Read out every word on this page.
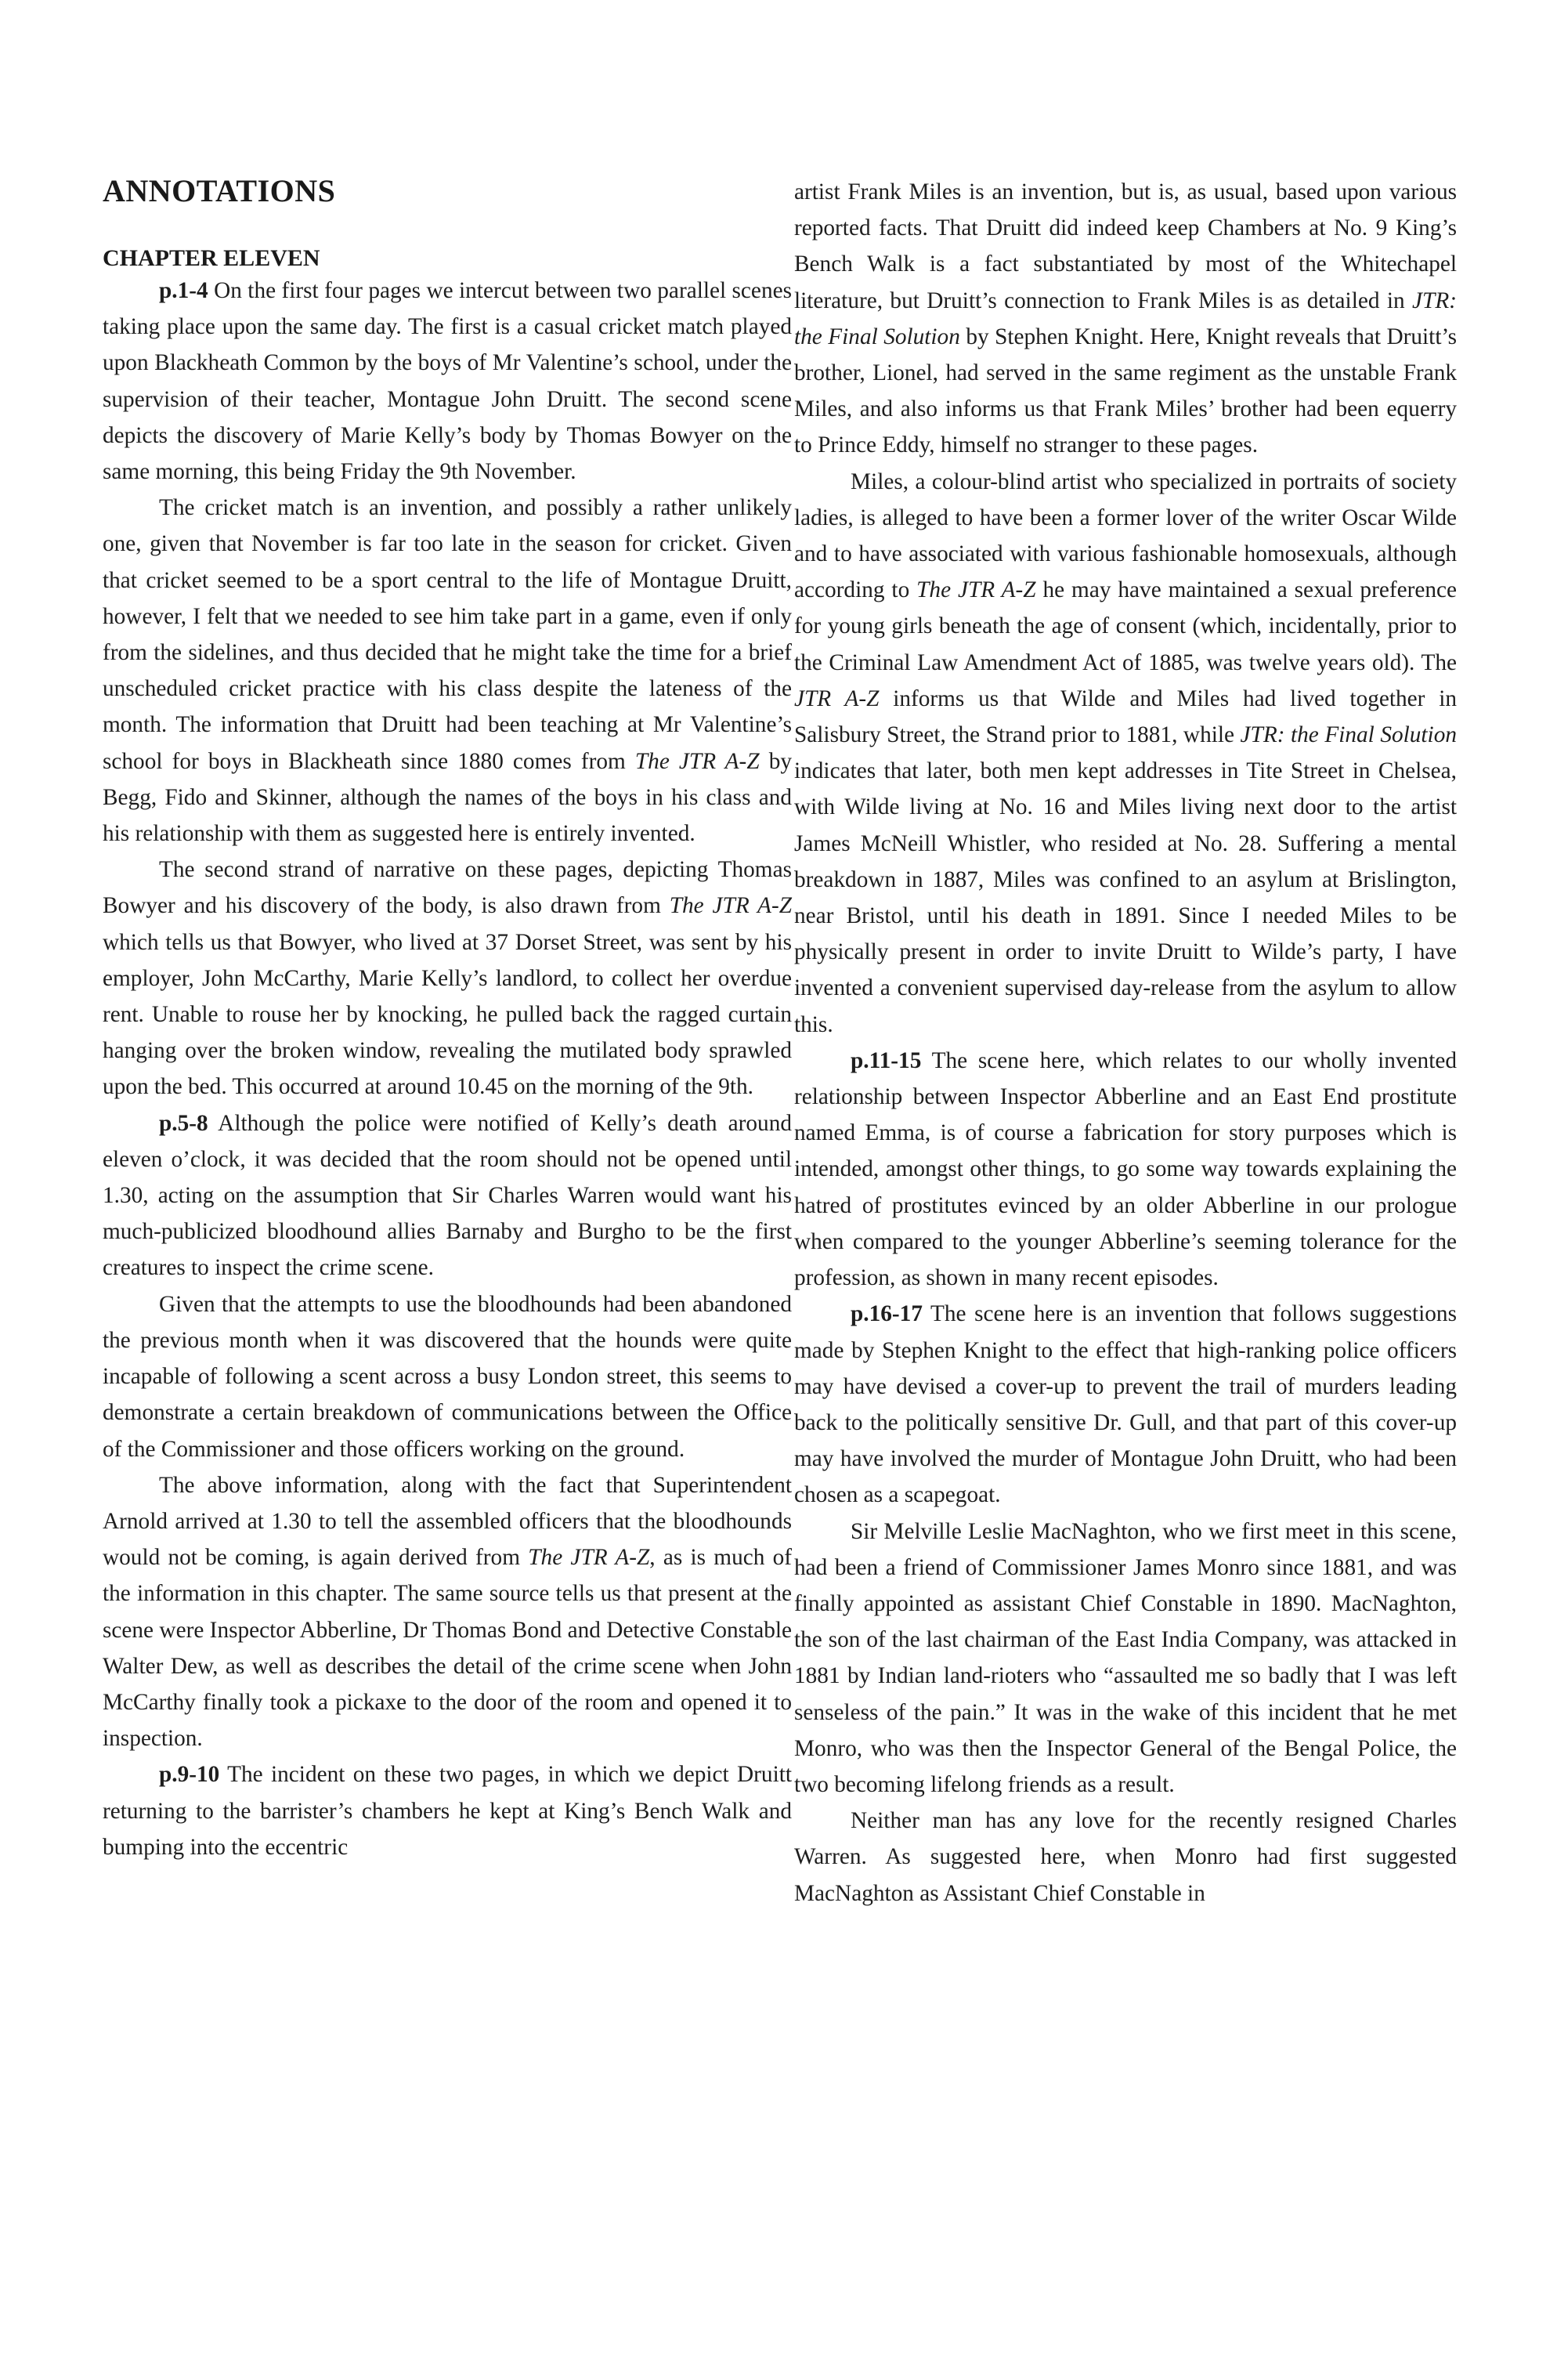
ANNOTATIONS
CHAPTER ELEVEN

p.1-4 On the first four pages we intercut between two parallel scenes taking place upon the same day. The first is a casual cricket match played upon Blackheath Common by the boys of Mr Valentine’s school, under the supervision of their teacher, Montague John Druitt. The second scene depicts the discovery of Marie Kelly’s body by Thomas Bowyer on the same morning, this being Friday the 9th November.

The cricket match is an invention, and possibly a rather unlikely one, given that November is far too late in the season for cricket. Given that cricket seemed to be a sport central to the life of Montague Druitt, however, I felt that we needed to see him take part in a game, even if only from the sidelines, and thus decided that he might take the time for a brief unscheduled cricket practice with his class despite the lateness of the month. The information that Druitt had been teaching at Mr Valentine’s school for boys in Blackheath since 1880 comes from The JTR A-Z by Begg, Fido and Skinner, although the names of the boys in his class and his relationship with them as suggested here is entirely invented.

The second strand of narrative on these pages, depicting Thomas Bowyer and his discovery of the body, is also drawn from The JTR A-Z which tells us that Bowyer, who lived at 37 Dorset Street, was sent by his employer, John McCarthy, Marie Kelly’s landlord, to collect her overdue rent. Unable to rouse her by knocking, he pulled back the ragged curtain hanging over the broken window, revealing the mutilated body sprawled upon the bed. This occurred at around 10.45 on the morning of the 9th.

p.5-8 Although the police were notified of Kelly’s death around eleven o’clock, it was decided that the room should not be opened until 1.30, acting on the assumption that Sir Charles Warren would want his much-publicized bloodhound allies Barnaby and Burgho to be the first creatures to inspect the crime scene.

Given that the attempts to use the bloodhounds had been abandoned the previous month when it was discovered that the hounds were quite incapable of following a scent across a busy London street, this seems to demonstrate a certain breakdown of communications between the Office of the Commissioner and those officers working on the ground.

The above information, along with the fact that Superintendent Arnold arrived at 1.30 to tell the assembled officers that the bloodhounds would not be coming, is again derived from The JTR A-Z, as is much of the information in this chapter. The same source tells us that present at the scene were Inspector Abberline, Dr Thomas Bond and Detective Constable Walter Dew, as well as describes the detail of the crime scene when John McCarthy finally took a pickaxe to the door of the room and opened it to inspection.

p.9-10 The incident on these two pages, in which we depict Druitt returning to the barrister’s chambers he kept at King’s Bench Walk and bumping into the eccentric

artist Frank Miles is an invention, but is, as usual, based upon various reported facts. That Druitt did indeed keep Chambers at No. 9 King’s Bench Walk is a fact substantiated by most of the Whitechapel literature, but Druitt’s connection to Frank Miles is as detailed in JTR: the Final Solution by Stephen Knight. Here, Knight reveals that Druitt’s brother, Lionel, had served in the same regiment as the unstable Frank Miles, and also informs us that Frank Miles’ brother had been equerry to Prince Eddy, himself no stranger to these pages.

Miles, a colour-blind artist who specialized in portraits of society ladies, is alleged to have been a former lover of the writer Oscar Wilde and to have associated with various fashionable homosexuals, although according to The JTR A-Z he may have maintained a sexual preference for young girls beneath the age of consent (which, incidentally, prior to the Criminal Law Amendment Act of 1885, was twelve years old). The JTR A-Z informs us that Wilde and Miles had lived together in Salisbury Street, the Strand prior to 1881, while JTR: the Final Solution indicates that later, both men kept addresses in Tite Street in Chelsea, with Wilde living at No. 16 and Miles living next door to the artist James McNeill Whistler, who resided at No. 28. Suffering a mental breakdown in 1887, Miles was confined to an asylum at Brislington, near Bristol, until his death in 1891. Since I needed Miles to be physically present in order to invite Druitt to Wilde’s party, I have invented a convenient supervised day-release from the asylum to allow this.

p.11-15 The scene here, which relates to our wholly invented relationship between Inspector Abberline and an East End prostitute named Emma, is of course a fabrication for story purposes which is intended, amongst other things, to go some way towards explaining the hatred of prostitutes evinced by an older Abberline in our prologue when compared to the younger Abberline’s seeming tolerance for the profession, as shown in many recent episodes.

p.16-17 The scene here is an invention that follows suggestions made by Stephen Knight to the effect that high-ranking police officers may have devised a cover-up to prevent the trail of murders leading back to the politically sensitive Dr. Gull, and that part of this cover-up may have involved the murder of Montague John Druitt, who had been chosen as a scapegoat.

Sir Melville Leslie MacNaghton, who we first meet in this scene, had been a friend of Commissioner James Monro since 1881, and was finally appointed as assistant Chief Constable in 1890. MacNaghton, the son of the last chairman of the East India Company, was attacked in 1881 by Indian land-rioters who “assaulted me so badly that I was left senseless of the pain.” It was in the wake of this incident that he met Monro, who was then the Inspector General of the Bengal Police, the two becoming lifelong friends as a result.

Neither man has any love for the recently resigned Charles Warren. As suggested here, when Monro had first suggested MacNaghton as Assistant Chief Constable in
